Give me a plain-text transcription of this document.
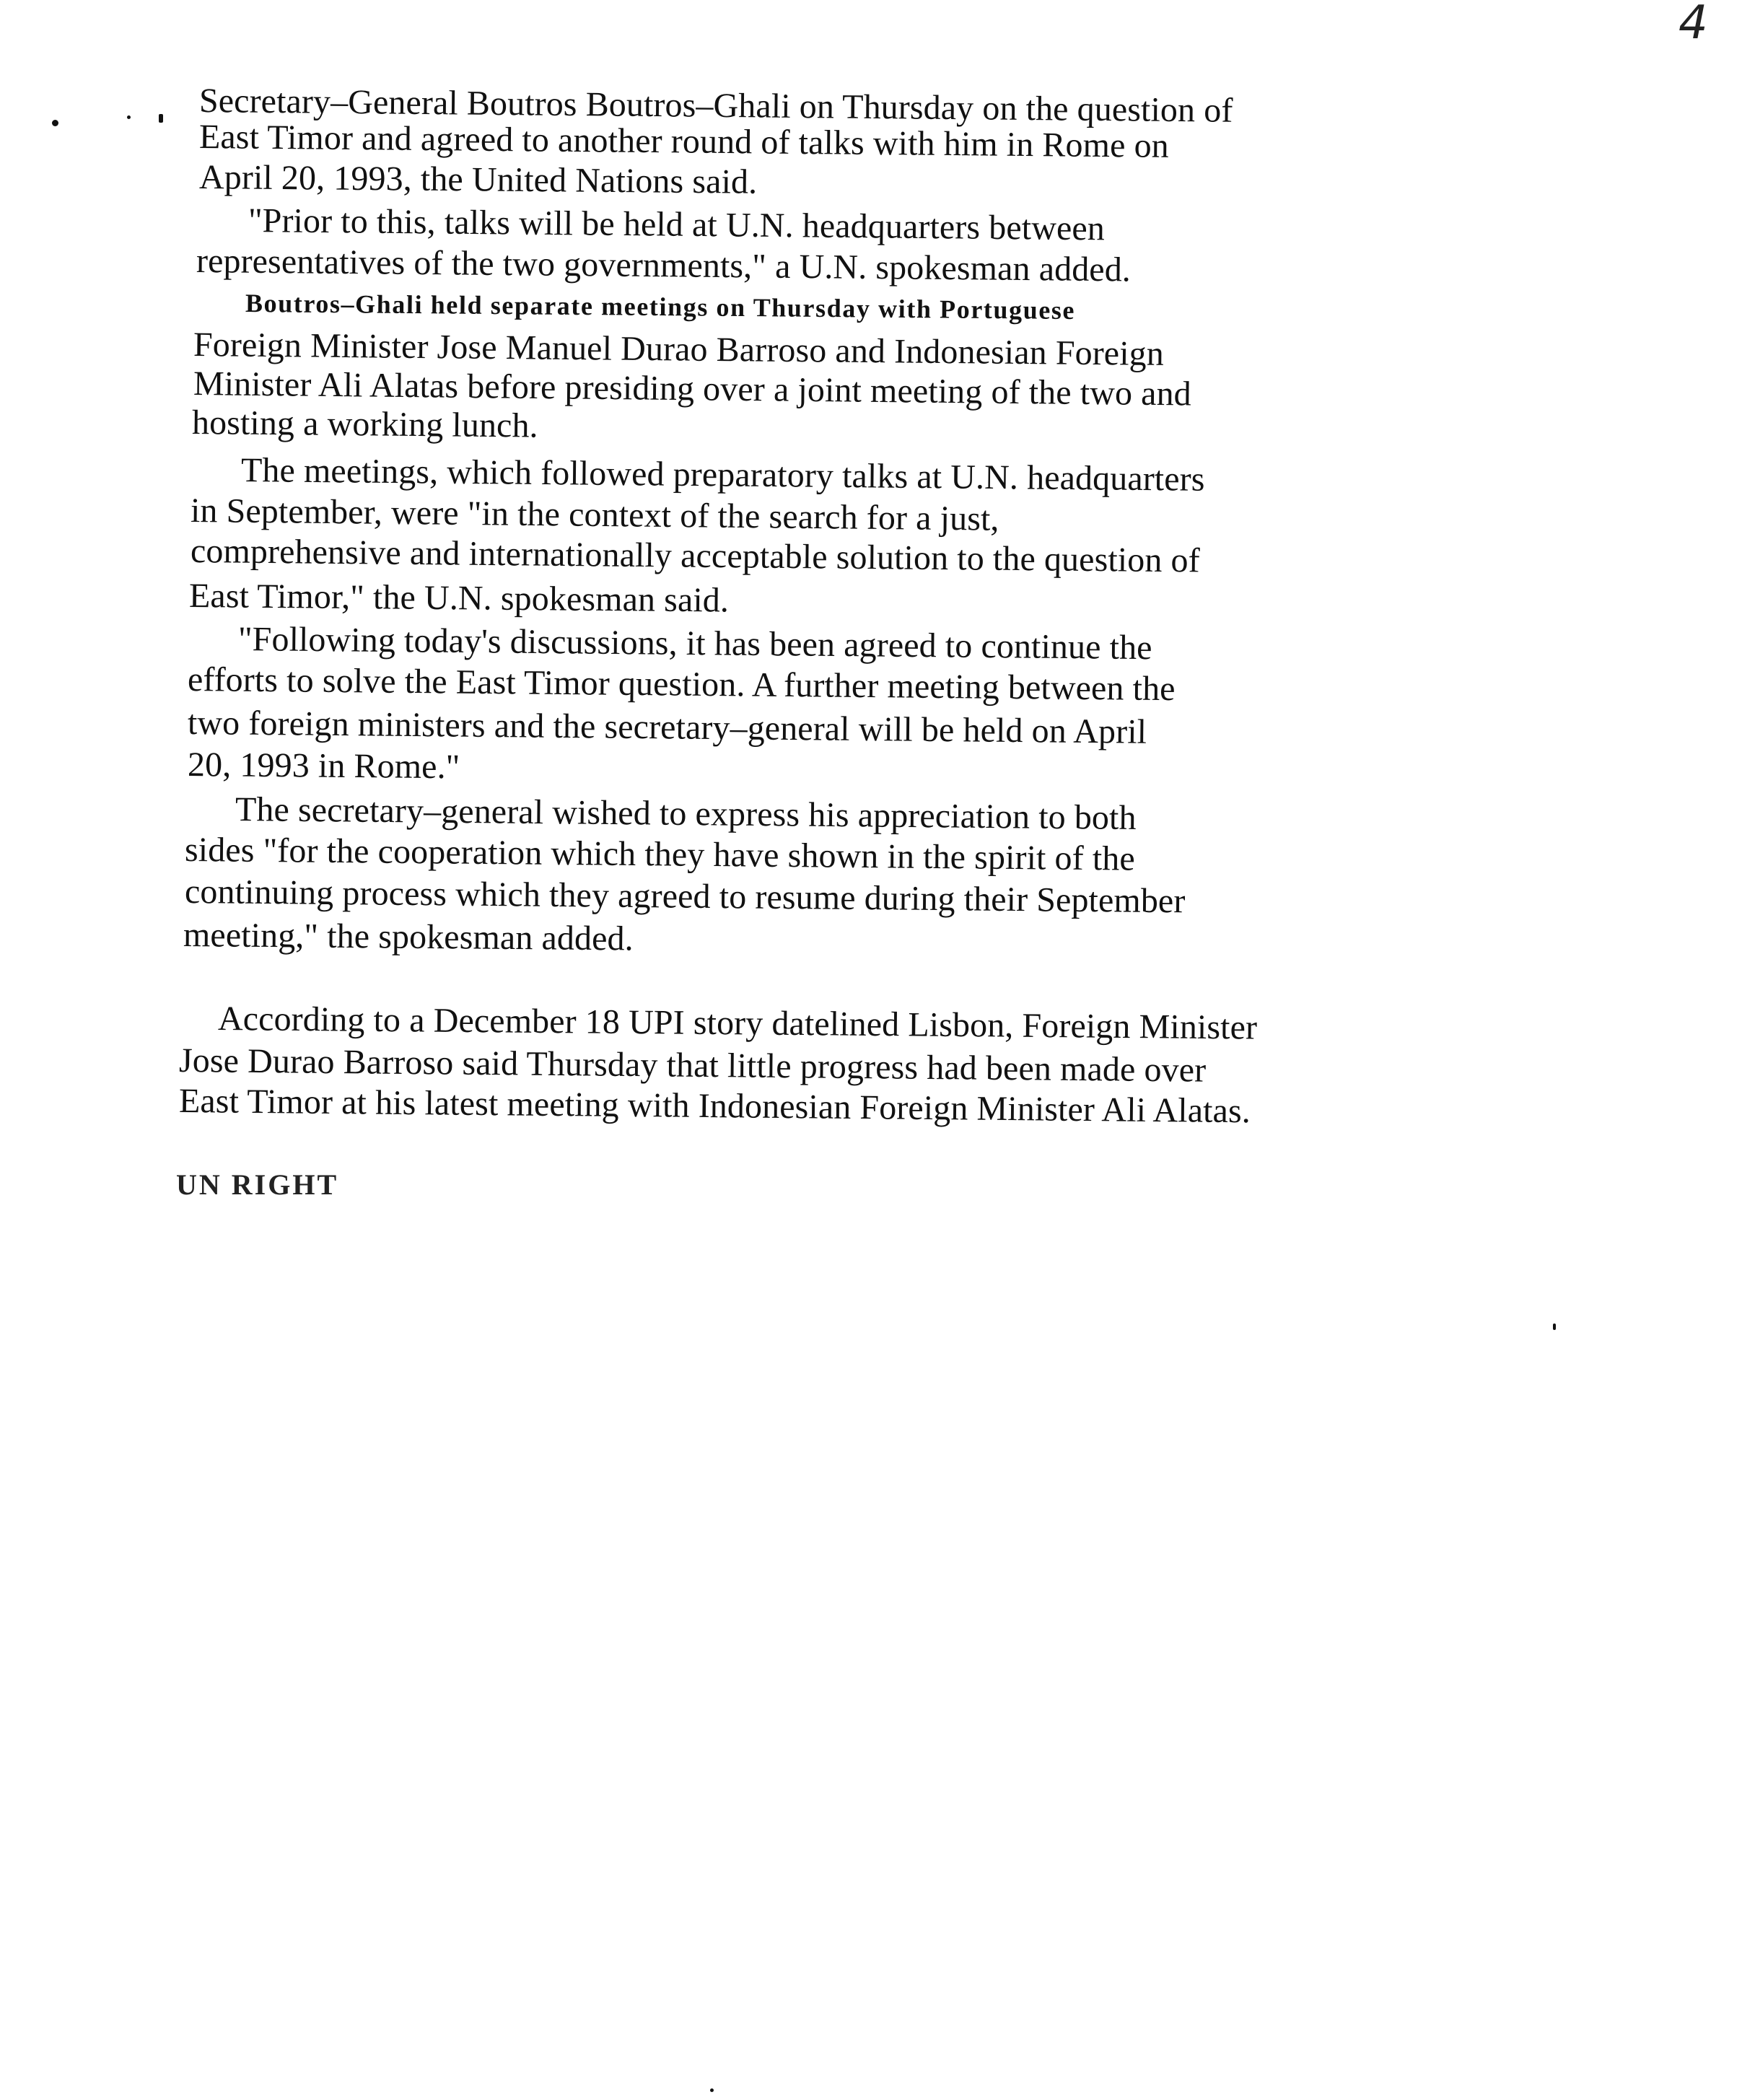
4
Secretary–General Boutros Boutros–Ghali on Thursday on the question of
East Timor and agreed to another round of talks with him in Rome on
April 20, 1993, the United Nations said.
"Prior to this, talks will be held at U.N. headquarters between
representatives of the two governments," a U.N. spokesman added.
Boutros–Ghali held separate meetings on Thursday with Portuguese
Foreign Minister Jose Manuel Durao Barroso and Indonesian Foreign
Minister Ali Alatas before presiding over a joint meeting of the two and
hosting a working lunch.
The meetings, which followed preparatory talks at U.N. headquarters
in September, were "in the context of the search for a just,
comprehensive and internationally acceptable solution to the question of
East Timor," the U.N. spokesman said.
"Following today's discussions, it has been agreed to continue the
efforts to solve the East Timor question. A further meeting between the
two foreign ministers and the secretary–general will be held on April
20, 1993 in Rome."
The secretary–general wished to express his appreciation to both
sides "for the cooperation which they have shown in the spirit of the
continuing process which they agreed to resume during their September
meeting," the spokesman added.
According to a December 18 UPI story datelined Lisbon, Foreign Minister
Jose Durao Barroso said Thursday that little progress had been made over
East Timor at his latest meeting with Indonesian Foreign Minister Ali Alatas.
UN RIGHT
